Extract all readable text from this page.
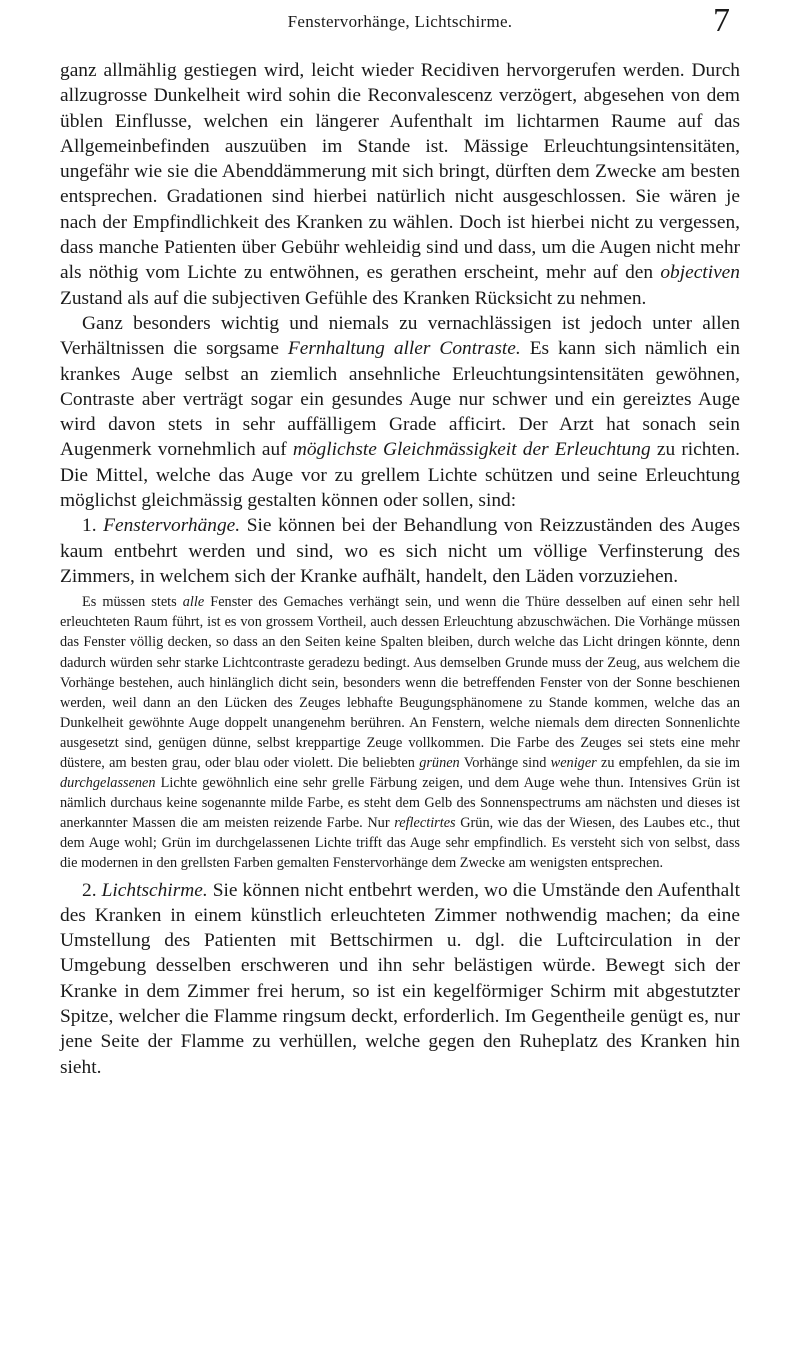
Fenstervorhänge, Lichtschirme.	7

ganz allmählig gestiegen wird, leicht wieder Recidiven hervorgerufen werden. Durch allzugrosse Dunkelheit wird sohin die Reconvalescenz verzögert, abgesehen von dem üblen Einflusse, welchen ein längerer Aufenthalt im lichtarmen Raume auf das Allgemeinbefinden auszuüben im Stande ist. Mässige Erleuchtungsintensitäten, ungefähr wie sie die Abenddämmerung mit sich bringt, dürften dem Zwecke am besten entsprechen. Gradationen sind hierbei natürlich nicht ausgeschlossen. Sie wären je nach der Empfindlichkeit des Kranken zu wählen. Doch ist hierbei nicht zu vergessen, dass manche Patienten über Gebühr wehleidig sind und dass, um die Augen nicht mehr als nöthig vom Lichte zu entwöhnen, es gerathen erscheint, mehr auf den objectiven Zustand als auf die subjectiven Gefühle des Kranken Rücksicht zu nehmen.

Ganz besonders wichtig und niemals zu vernachlässigen ist jedoch unter allen Verhältnissen die sorgsame Fernhaltung aller Contraste. Es kann sich nämlich ein krankes Auge selbst an ziemlich ansehnliche Erleuchtungsintensitäten gewöhnen, Contraste aber verträgt sogar ein gesundes Auge nur schwer und ein gereiztes Auge wird davon stets in sehr auffälligem Grade afficirt. Der Arzt hat sonach sein Augenmerk vornehmlich auf möglichste Gleichmässigkeit der Erleuchtung zu richten. Die Mittel, welche das Auge vor zu grellem Lichte schützen und seine Erleuchtung möglichst gleichmässig gestalten können oder sollen, sind:

1. Fenstervorhänge. Sie können bei der Behandlung von Reizzuständen des Auges kaum entbehrt werden und sind, wo es sich nicht um völlige Verfinsterung des Zimmers, in welchem sich der Kranke aufhält, handelt, den Läden vorzuziehen.

Es müssen stets alle Fenster des Gemaches verhängt sein, und wenn die Thüre desselben auf einen sehr hell erleuchteten Raum führt, ist es von grossem Vortheil, auch dessen Erleuchtung abzuschwächen. Die Vorhänge müssen das Fenster völlig decken, so dass an den Seiten keine Spalten bleiben, durch welche das Licht dringen könnte, denn dadurch würden sehr starke Lichtcontraste geradezu bedingt. Aus demselben Grunde muss der Zeug, aus welchem die Vorhänge bestehen, auch hinlänglich dicht sein, besonders wenn die betreffenden Fenster von der Sonne beschienen werden, weil dann an den Lücken des Zeuges lebhafte Beugungsphänomene zu Stande kommen, welche das an Dunkelheit gewöhnte Auge doppelt unangenehm berühren. An Fenstern, welche niemals dem directen Sonnenlichte ausgesetzt sind, genügen dünne, selbst kreppartige Zeuge vollkommen. Die Farbe des Zeuges sei stets eine mehr düstere, am besten grau, oder blau oder violett. Die beliebten grünen Vorhänge sind weniger zu empfehlen, da sie im durchgelassenen Lichte gewöhnlich eine sehr grelle Färbung zeigen, und dem Auge wehe thun. Intensives Grün ist nämlich durchaus keine sogenannte milde Farbe, es steht dem Gelb des Sonnenspectrums am nächsten und dieses ist anerkannter Massen die am meisten reizende Farbe. Nur reflectirtes Grün, wie das der Wiesen, des Laubes etc., thut dem Auge wohl; Grün im durchgelassenen Lichte trifft das Auge sehr empfindlich. Es versteht sich von selbst, dass die modernen in den grellsten Farben gemalten Fenstervorhänge dem Zwecke am wenigsten entsprechen.

2. Lichtschirme. Sie können nicht entbehrt werden, wo die Umstände den Aufenthalt des Kranken in einem künstlich erleuchteten Zimmer nothwendig machen; da eine Umstellung des Patienten mit Bettschirmen u. dgl. die Luftcirculation in der Umgebung desselben erschweren und ihn sehr belästigen würde. Bewegt sich der Kranke in dem Zimmer frei herum, so ist ein kegelförmiger Schirm mit abgestutzter Spitze, welcher die Flamme ringsum deckt, erforderlich. Im Gegentheile genügt es, nur jene Seite der Flamme zu verhüllen, welche gegen den Ruheplatz des Kranken hin sieht.
